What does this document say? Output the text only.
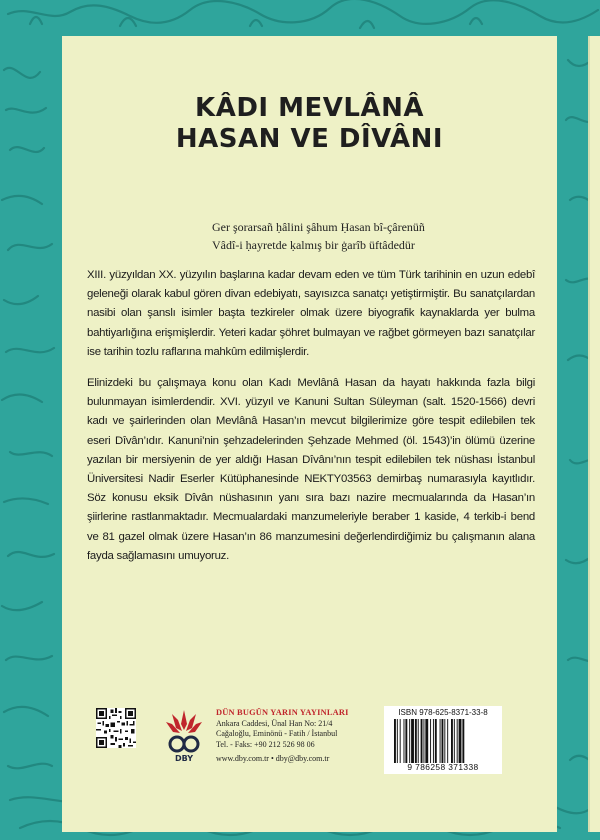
KÂDI MEVLÂNÂ
HASAN VE DÎVÂNI
Ger şorarsañ ḥâlini şâhum Ḥasan bî-çârenüñ
Vâdî-i ḥayretde ḳalmış bir ġarîb üftâdedür
XIII. yüzyıldan XX. yüzyılın başlarına kadar devam eden ve tüm Türk tarihinin en uzun edebî geleneği olarak kabul gören divan edebiyatı, sayısızca sanatçı yetiştirmiştir. Bu sanatçılardan nasibi olan şanslı isimler başta tezkireler olmak üzere biyografik kaynaklarda yer bulma bahtiyarlığına erişmişlerdir. Yeteri kadar şöhret bulmayan ve rağbet görmeyen bazı sanatçılar ise tarihin tozlu raflarına mahkûm edilmişlerdir.
Elinizdeki bu çalışmaya konu olan Kadı Mevlânâ Hasan da hayatı hakkında fazla bilgi bulunmayan isimlerdendir. XVI. yüzyıl ve Kanuni Sultan Süleyman (salt. 1520-1566) devri kadı ve şairlerinden olan Mevlânâ Hasan’ın mevcut bilgilerimize göre tespit edilebilen tek eseri Dîvân’ıdır. Kanuni’nin şehzadelerinden Şehzade Mehmed (öl. 1543)’in ölümü üzerine yazılan bir mersiyenin de yer aldığı Hasan Dîvânı’nın tespit edilebilen tek nüshası İstanbul Üniversitesi Nadir Eserler Kütüphanesinde NEKTY03563 demirbaş numarasıyla kayıtlıdır. Söz konusu eksik Dîvân nüshasının yanı sıra bazı nazire mecmualarında da Hasan’ın şiirlerine rastlanmaktadır. Mecmualardaki manzumeleriyle beraber 1 kaside, 4 terkib-i bend ve 81 gazel olmak üzere Hasan’ın 86 manzumesini değerlendirdiğimiz bu çalışmanın alana fayda sağlamasını umuyoruz.
DBY
DÜN BUGÜN YARIN YAYINLARI
Ankara Caddesi, Ünal Han No: 21/4
Cağaloğlu, Eminönü - Fatih / İstanbul
Tel. - Faks: +90 212 526 98 06
www.dby.com.tr • dby@dby.com.tr
ISBN 978-625-8371-33-8
9 786258 371338
